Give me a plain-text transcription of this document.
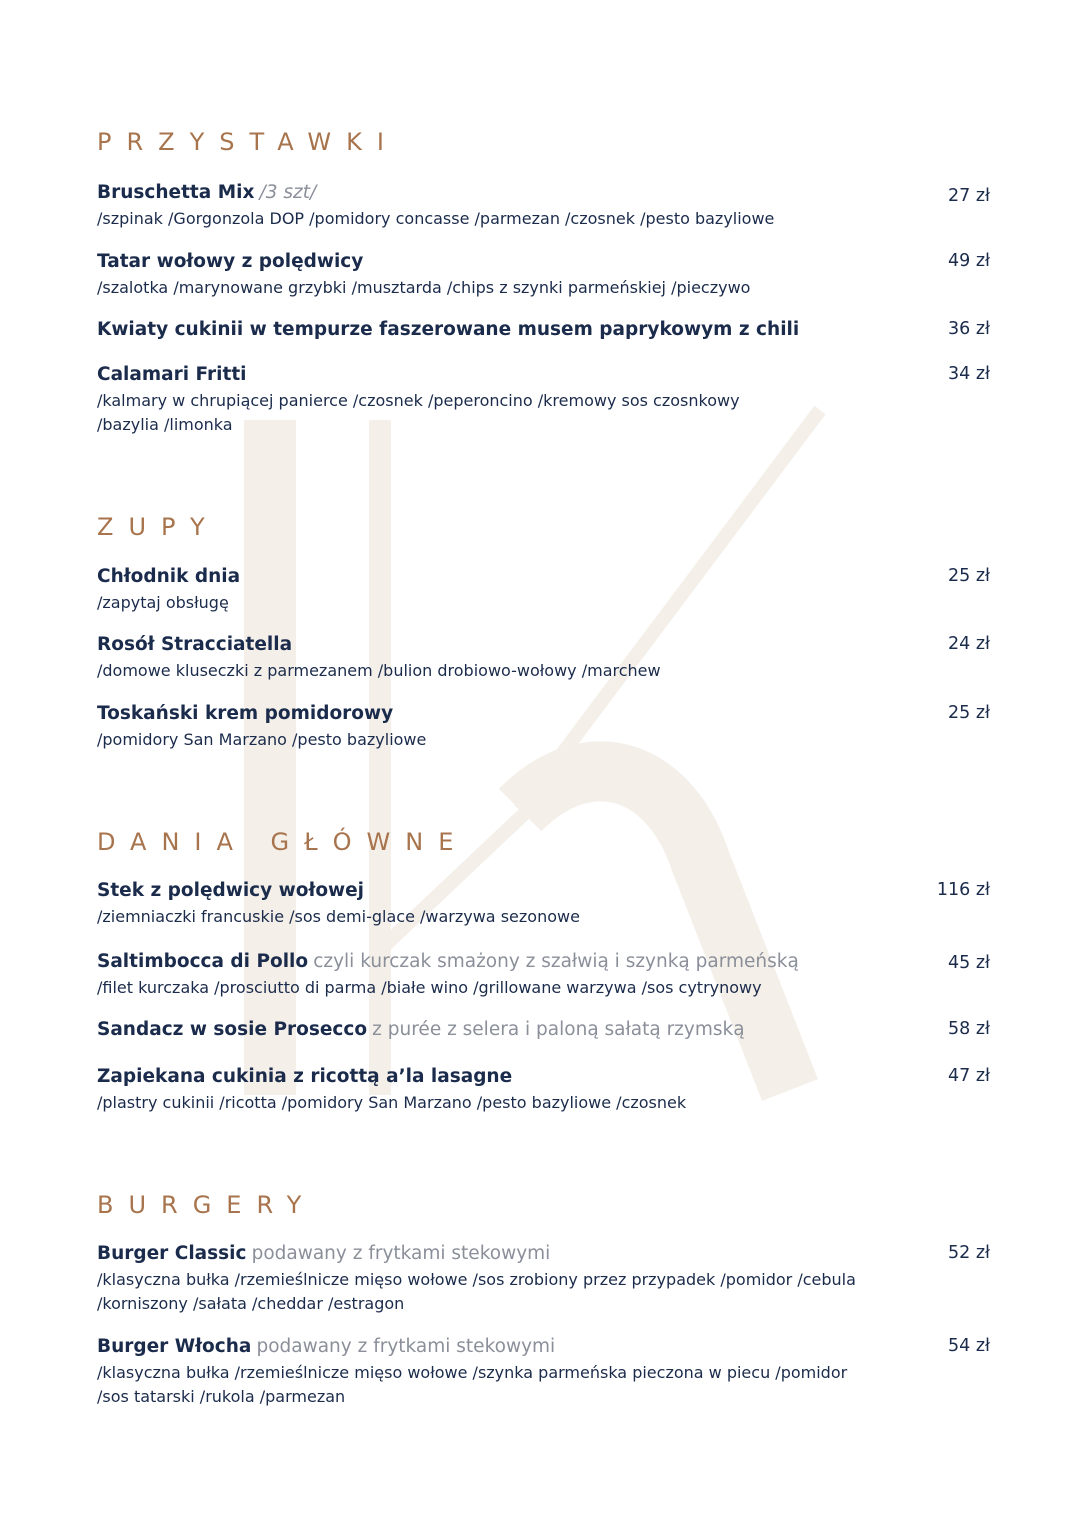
PRZYSTAWKI
Bruschetta Mix /3 szt/	27 zł
/szpinak /Gorgonzola DOP /pomidory concasse /parmezan /czosnek /pesto bazyliowe
Tatar wołowy z polędwicy	49 zł
/szalotka /marynowane grzybki /musztarda /chips z szynki parmeńskiej /pieczywo
Kwiaty cukinii w tempurze faszerowane musem paprykowym z chili	36 zł
Calamari Fritti	34 zł
/kalmary w chrupiącej panierce /czosnek /peperoncino /kremowy sos czosnkowy
/bazylia /limonka
ZUPY
Chłodnik dnia	25 zł
/zapytaj obsługę
Rosół Stracciatella	24 zł
/domowe kluseczki z parmezanem /bulion drobiowo-wołowy /marchew
Toskański krem pomidorowy	25 zł
/pomidory San Marzano /pesto bazyliowe
DANIA GŁÓWNE
Stek z polędwicy wołowej	116 zł
/ziemniaczki francuskie /sos demi-glace /warzywa sezonowe
Saltimbocca di Pollo czyli kurczak smażony z szałwią i szynką parmeńską	45 zł
/filet kurczaka /prosciutto di parma /białe wino /grillowane warzywa /sos cytrynowy
Sandacz w sosie Prosecco z purée z selera i paloną sałatą rzymską	58 zł
Zapiekana cukinia z ricottą a’la lasagne	47 zł
/plastry cukinii /ricotta /pomidory San Marzano /pesto bazyliowe /czosnek
BURGERY
Burger Classic podawany z frytkami stekowymi	52 zł
/klasyczna bułka /rzemieślnicze mięso wołowe /sos zrobiony przez przypadek /pomidor /cebula
/korniszony /sałata /cheddar /estragon
Burger Włocha podawany z frytkami stekowymi	54 zł
/klasyczna bułka /rzemieślnicze mięso wołowe /szynka parmeńska pieczona w piecu /pomidor
/sos tatarski /rukola /parmezan
